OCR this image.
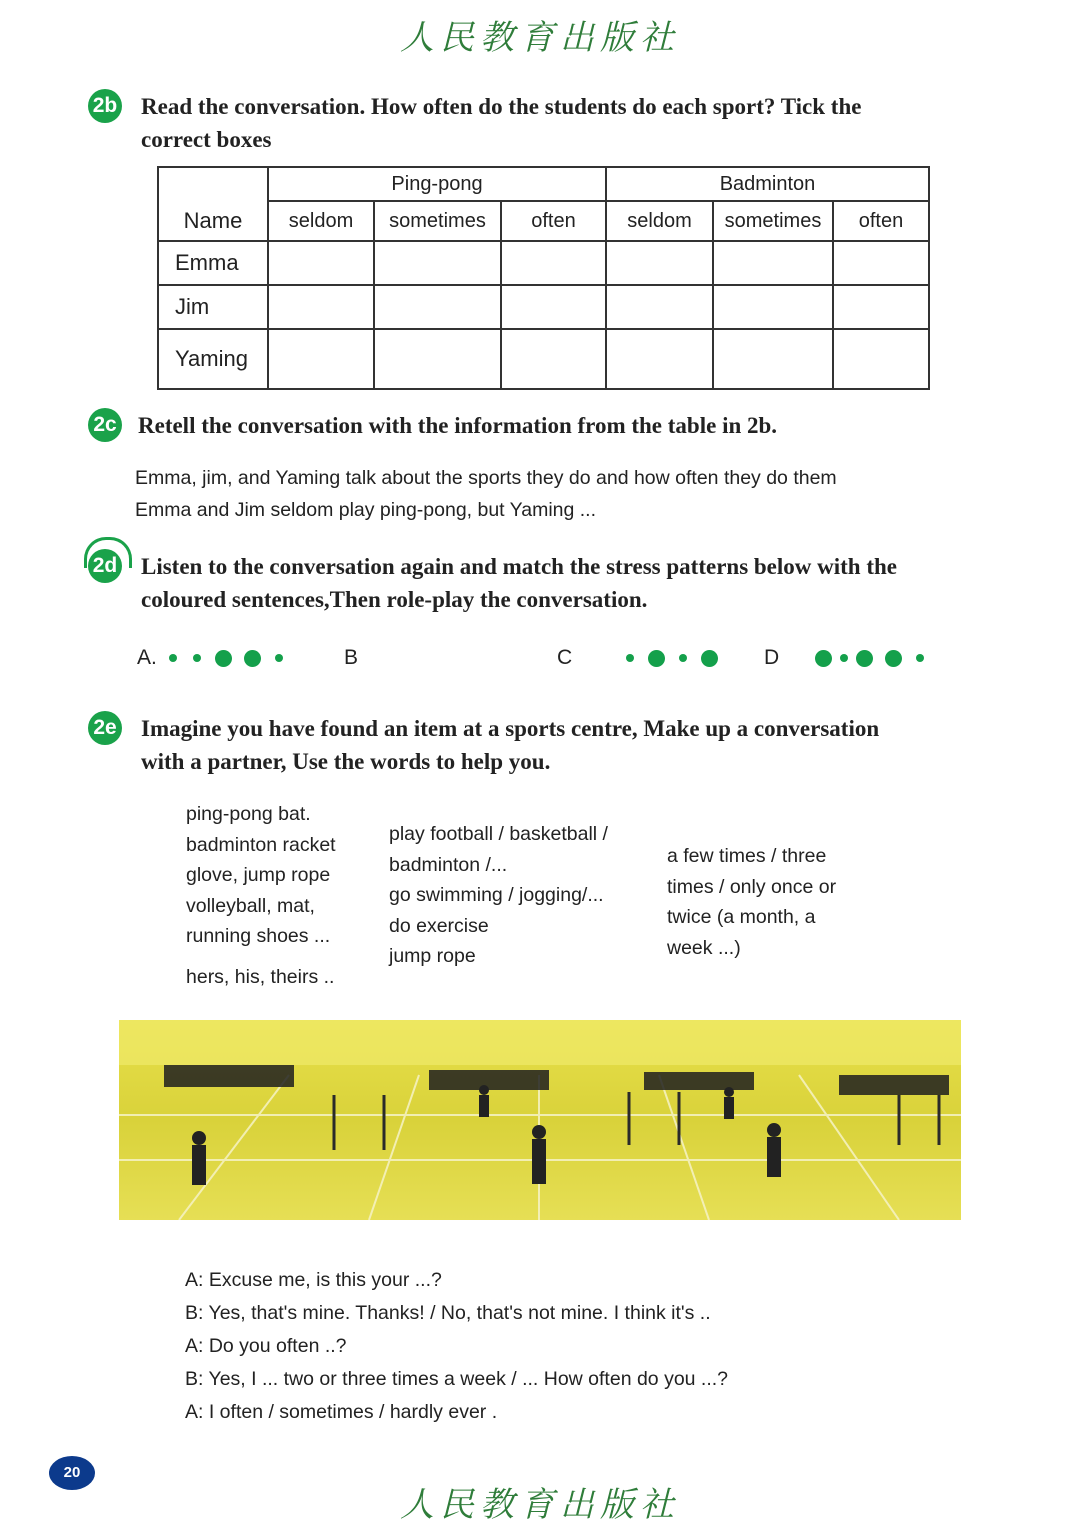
人民教育出版社
2b Read the conversation. How often do the students do each sport? Tick the
correct boxes
Name	Ping-pong			Badminton		
	seldom	sometimes	often	seldom	sometimes	often
Emma						
Jim						
Yaming						
2c Retell the conversation with the information from the table in 2b.
Emma, jim, and Yaming talk about the sports they do and how often they do them
Emma and Jim seldom play ping-pong, but Yaming ...
2d Listen to the conversation again and match the stress patterns below with the
coloured sentences,Then role-play the conversation.
A.	B	C	D
2e Imagine you have found an item at a sports centre, Make up a conversation
with a partner, Use the words to help you.
ping-pong bat.
badminton racket
glove, jump rope
volleyball, mat,
running shoes ...
hers, his, theirs ..
play football / basketball /
badminton /...
go swimming / jogging/...
do exercise
jump rope
a few times / three
times / only once or
twice (a month, a
week ...)
A: Excuse me, is this your ...?
B: Yes, that's mine. Thanks! / No, that's not mine. I think it's ..
A: Do you often ..?
B: Yes, I ... two or three times a week / ... How often do you ...?
A: I often / sometimes / hardly ever .
20
人民教育出版社
